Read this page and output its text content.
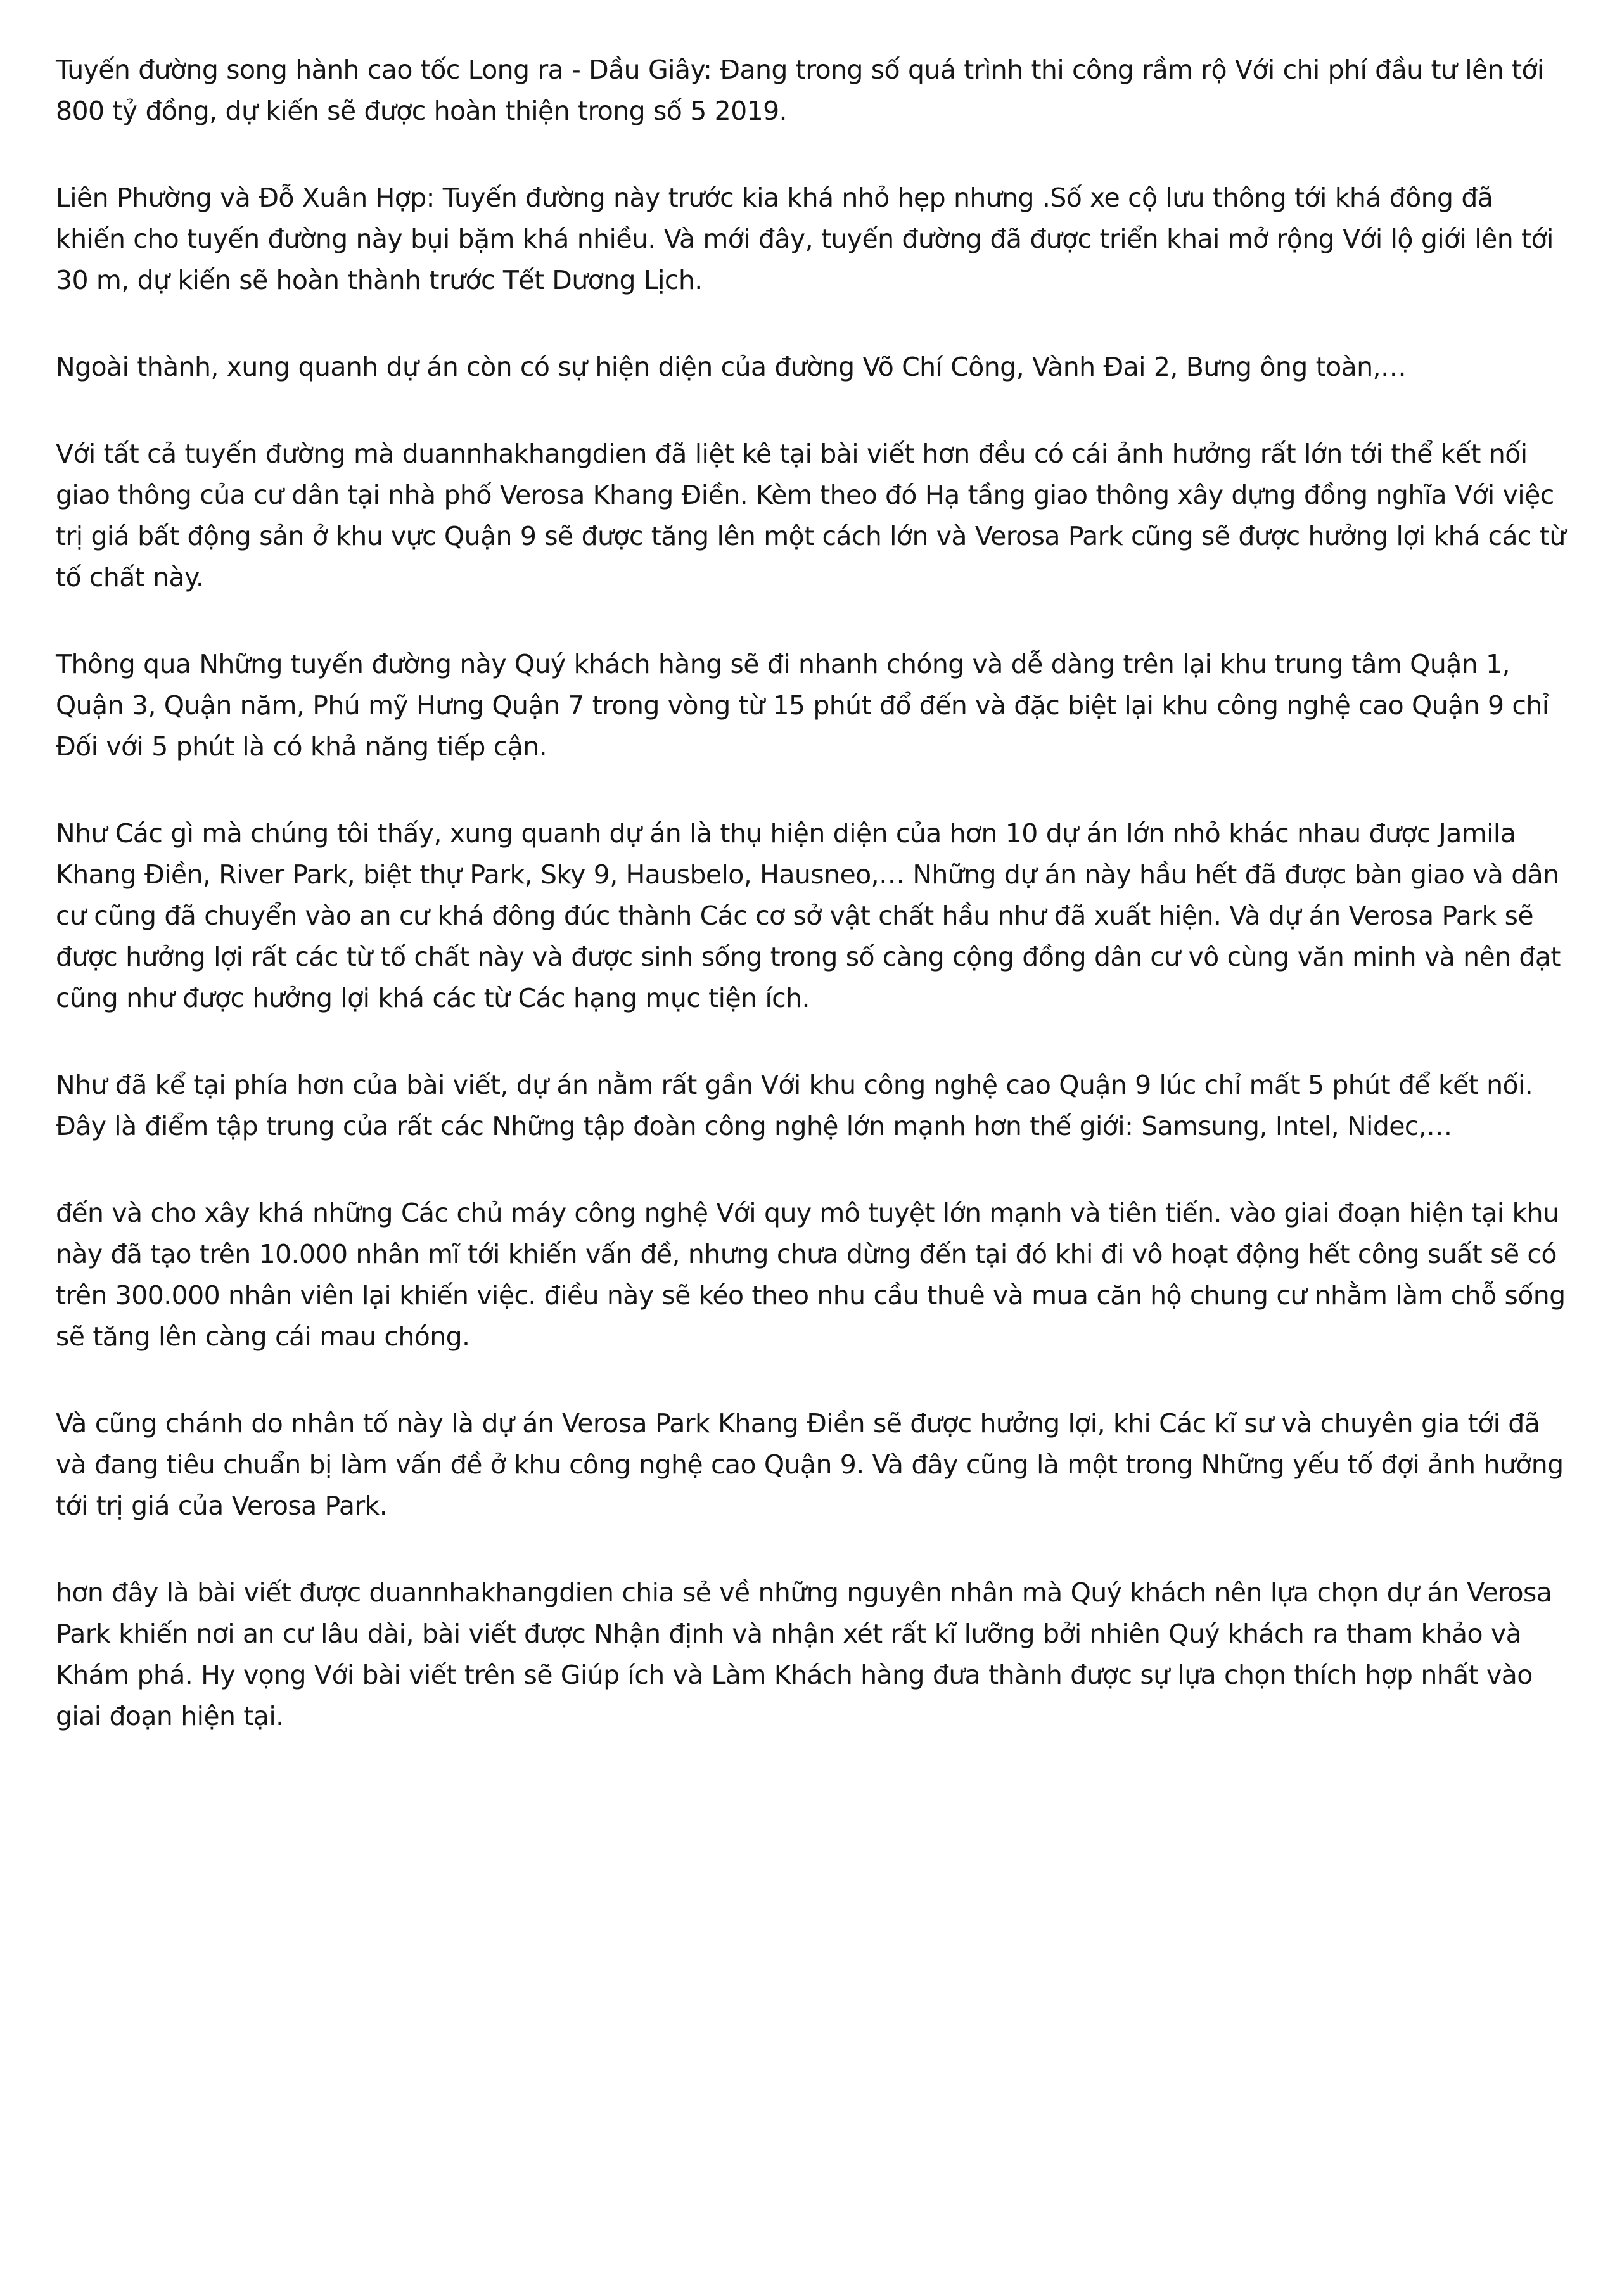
Tuyến đường song hành cao tốc Long ra - Dầu Giây: Đang trong số quá trình thi công rầm rộ Với chi phí đầu tư lên tới 800 tỷ đồng, dự kiến sẽ được hoàn thiện trong số 5 2019.

Liên Phường và Đỗ Xuân Hợp: Tuyến đường này trước kia khá nhỏ hẹp nhưng .Số xe cộ lưu thông tới khá đông đã khiến cho tuyến đường này bụi bặm khá nhiều. Và mới đây, tuyến đường đã được triển khai mở rộng Với lộ giới lên tới 30 m, dự kiến sẽ hoàn thành trước Tết Dương Lịch.

Ngoài thành, xung quanh dự án còn có sự hiện diện của đường Võ Chí Công, Vành Đai 2, Bưng ông toàn,…

Với tất cả tuyến đường mà duannhakhangdien đã liệt kê tại bài viết hơn đều có cái ảnh hưởng rất lớn tới thể kết nối giao thông của cư dân tại nhà phố Verosa Khang Điền. Kèm theo đó Hạ tầng giao thông xây dựng đồng nghĩa Với việc trị giá bất động sản ở khu vực Quận 9 sẽ được tăng lên một cách lớn và Verosa Park cũng sẽ được hưởng lợi khá các từ tố chất này.

Thông qua Những tuyến đường này Quý khách hàng sẽ đi nhanh chóng và dễ dàng trên lại khu trung tâm Quận 1, Quận 3, Quận năm, Phú mỹ Hưng Quận 7 trong vòng từ 15 phút đổ đến và đặc biệt lại khu công nghệ cao Quận 9 chỉ Đối với 5 phút là có khả năng tiếp cận.

Như Các gì mà chúng tôi thấy, xung quanh dự án là thụ hiện diện của hơn 10 dự án lớn nhỏ khác nhau được Jamila Khang Điền, River Park, biệt thự Park, Sky 9, Hausbelo, Hausneo,… Những dự án này hầu hết đã được bàn giao và dân cư cũng đã chuyển vào an cư khá đông đúc thành Các cơ sở vật chất hầu như đã xuất hiện. Và dự án Verosa Park sẽ được hưởng lợi rất các từ tố chất này và được sinh sống trong số càng cộng đồng dân cư vô cùng văn minh và nên đạt cũng như được hưởng lợi khá các từ Các hạng mục tiện ích.

Như đã kể tại phía hơn của bài viết, dự án nằm rất gần Với khu công nghệ cao Quận 9 lúc chỉ mất 5 phút để kết nối. Đây là điểm tập trung của rất các Những tập đoàn công nghệ lớn mạnh hơn thế giới: Samsung, Intel, Nidec,…

đến và cho xây khá những Các chủ máy công nghệ Với quy mô tuyệt lớn mạnh và tiên tiến. vào giai đoạn hiện tại khu này đã tạo trên 10.000 nhân mĩ tới khiến vấn đề, nhưng chưa dừng đến tại đó khi đi vô hoạt động hết công suất sẽ có trên 300.000 nhân viên lại khiến việc. điều này sẽ kéo theo nhu cầu thuê và mua căn hộ chung cư nhằm làm chỗ sống sẽ tăng lên càng cái mau chóng.

Và cũng chánh do nhân tố này là dự án Verosa Park Khang Điền sẽ được hưởng lợi, khi Các kĩ sư và chuyên gia tới đã và đang tiêu chuẩn bị làm vấn đề ở khu công nghệ cao Quận 9. Và đây cũng là một trong Những yếu tố đợi ảnh hưởng tới trị giá của Verosa Park.

hơn đây là bài viết được duannhakhangdien chia sẻ về những nguyên nhân mà Quý khách nên lựa chọn dự án Verosa Park khiến nơi an cư lâu dài, bài viết được Nhận định và nhận xét rất kĩ lưỡng bởi nhiên Quý khách ra tham khảo và Khám phá. Hy vọng Với bài viết trên sẽ Giúp ích và Làm Khách hàng đưa thành được sự lựa chọn thích hợp nhất vào giai đoạn hiện tại.
